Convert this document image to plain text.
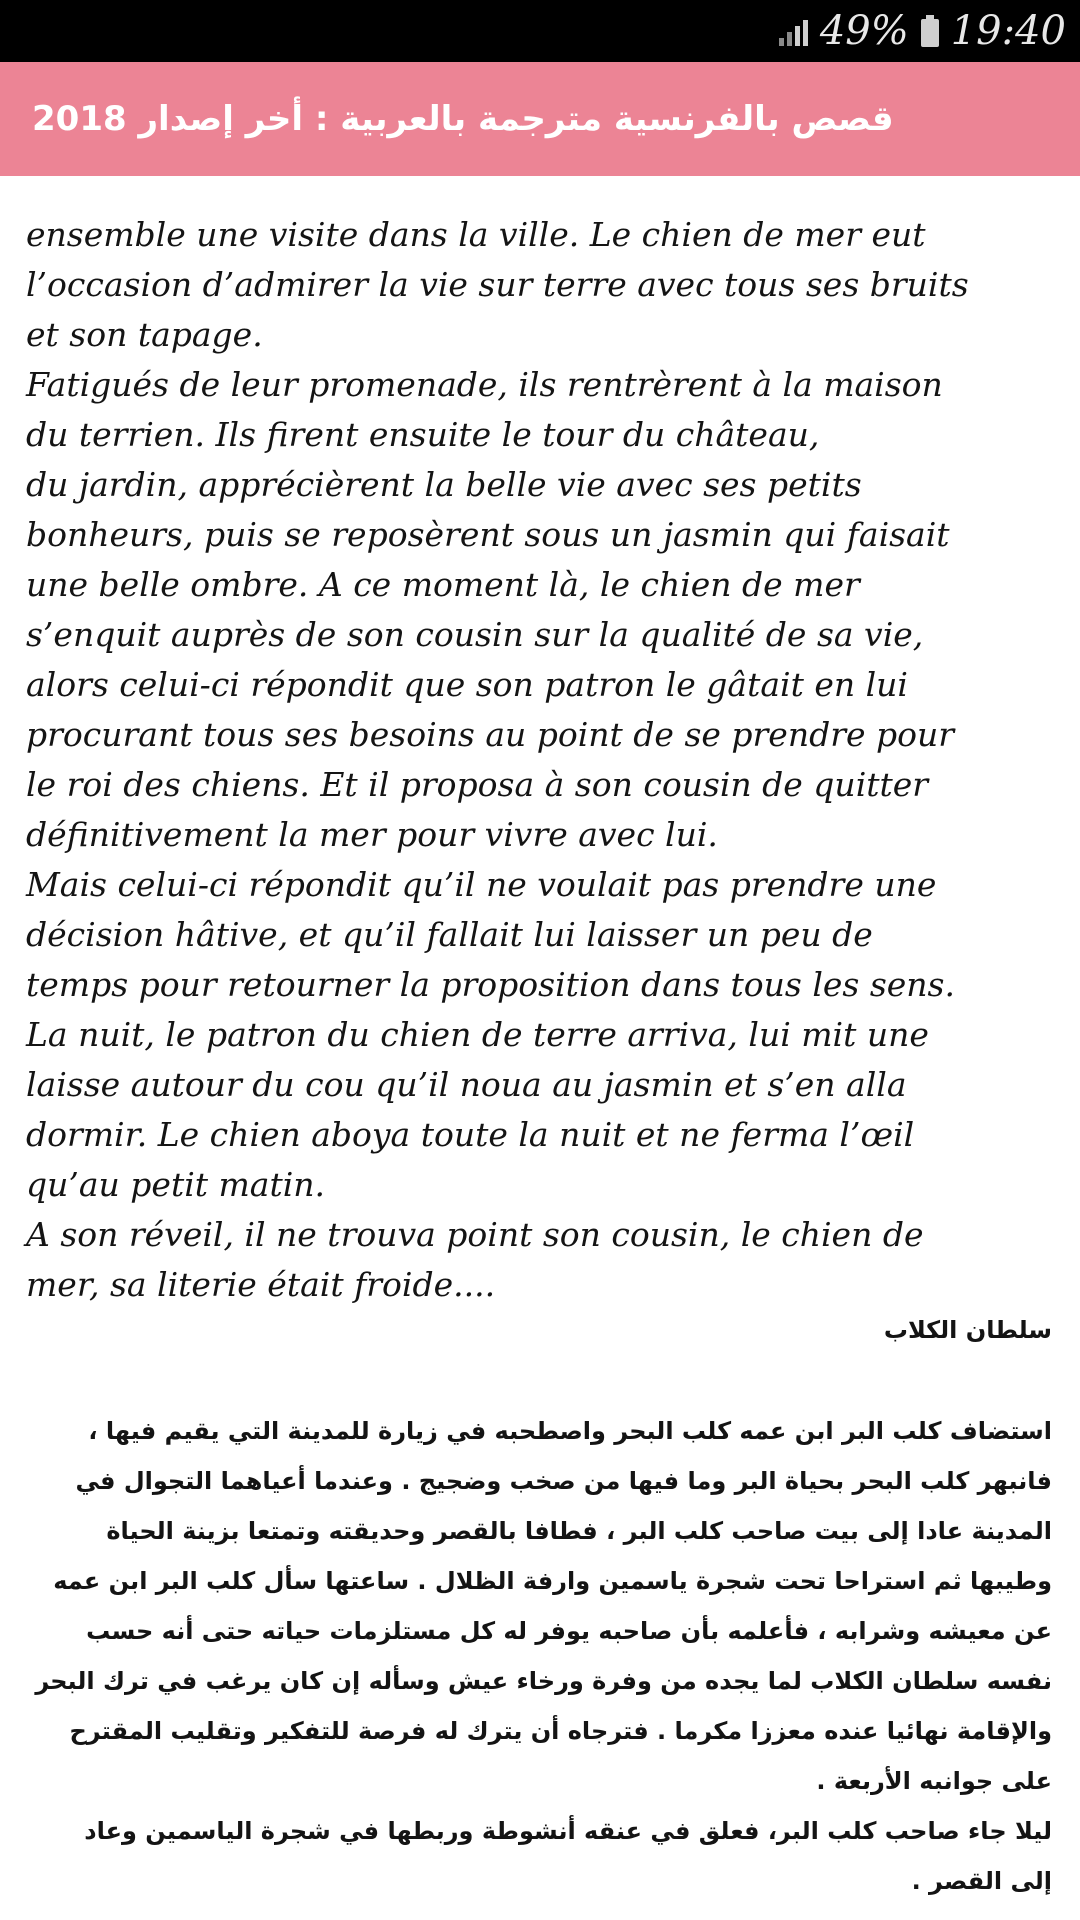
49% 19:40
قصص بالفرنسية مترجمة بالعربية : أخر إصدار 2018
ensemble une visite dans la ville. Le chien de mer eut
l’occasion d’admirer la vie sur terre avec tous ses bruits
et son tapage.
Fatigués de leur promenade, ils rentrèrent à la maison
du terrien. Ils firent ensuite le tour du château,
du jardin, apprécièrent la belle vie avec ses petits
bonheurs, puis se reposèrent sous un jasmin qui faisait
une belle ombre. A ce moment là, le chien de mer
s’enquit auprès de son cousin sur la qualité de sa vie,
alors celui-ci répondit que son patron le gâtait en lui
procurant tous ses besoins au point de se prendre pour
le roi des chiens. Et il proposa à son cousin de quitter
définitivement la mer pour vivre avec lui.
Mais celui-ci répondit qu’il ne voulait pas prendre une
décision hâtive, et qu’il fallait lui laisser un peu de
temps pour retourner la proposition dans tous les sens.
La nuit, le patron du chien de terre arriva, lui mit une
laisse autour du cou qu’il noua au jasmin et s’en alla
dormir. Le chien aboya toute la nuit et ne ferma l’œil
qu’au petit matin.
A son réveil, il ne trouva point son cousin, le chien de
mer, sa literie était froide....
سلطان الكلاب
استضاف كلب البر ابن عمه كلب البحر واصطحبه في زيارة للمدينة التي يقيم فيها ،
فانبهر كلب البحر بحياة البر وما فيها من صخب وضجيج . وعندما أعياهما التجوال في
المدينة عادا إلى بيت صاحب كلب البر ، فطافا بالقصر وحديقته وتمتعا بزينة الحياة
وطيبها ثم استراحا تحت شجرة ياسمين وارفة الظلال . ساعتها سأل كلب البر ابن عمه
عن معيشه وشرابه ، فأعلمه بأن صاحبه يوفر له كل مستلزمات حياته حتى أنه حسب
نفسه سلطان الكلاب لما يجده من وفرة ورخاء عيش وسأله إن كان يرغب في ترك البحر
والإقامة نهائيا عنده معززا مكرما . فترجاه أن يترك له فرصة للتفكير وتقليب المقترح
على جوانبه الأربعة .
ليلا جاء صاحب كلب البر، فعلق في عنقه أنشوطة وربطها في شجرة الياسمين وعاد
إلى القصر .
